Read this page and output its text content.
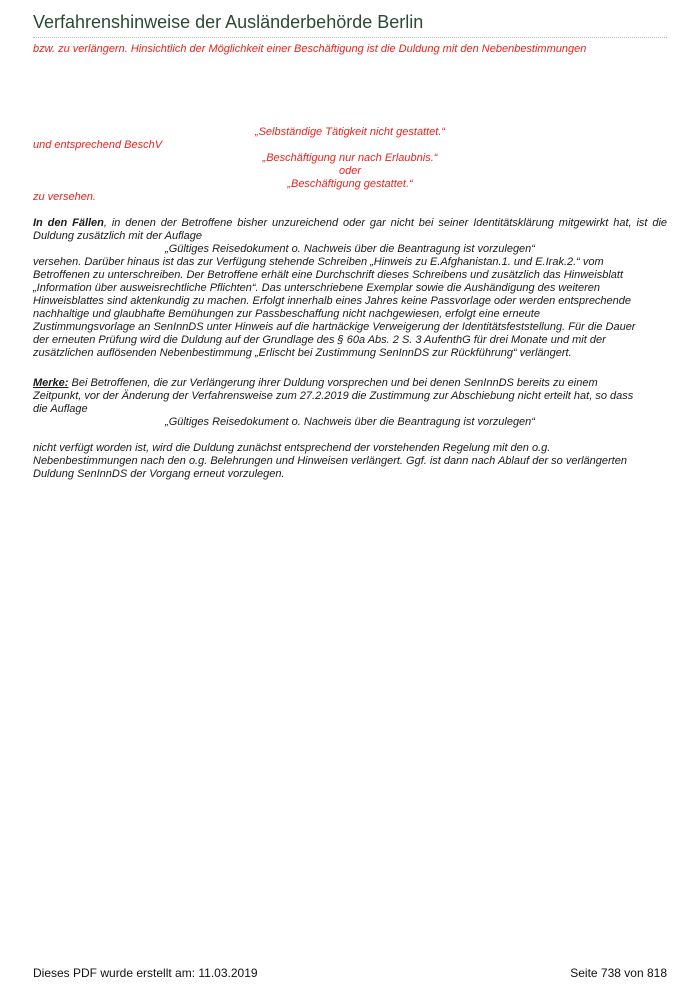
Verfahrenshinweise der Ausländerbehörde Berlin
bzw. zu verlängern. Hinsichtlich der Möglichkeit einer Beschäftigung ist die Duldung mit den Nebenbestimmungen
„Selbständige Tätigkeit nicht gestattet.“
und entsprechend BeschV
„Beschäftigung nur nach Erlaubnis.“
oder
„Beschäftigung gestattet.“
zu versehen.
In den Fällen, in denen der Betroffene bisher unzureichend oder gar nicht bei seiner Identitätsklärung mitgewirkt hat, ist die Duldung zusätzlich mit der Auflage
„Gültiges Reisedokument o. Nachweis über die Beantragung ist vorzulegen“
versehen. Darüber hinaus ist das zur Verfügung stehende Schreiben „Hinweis zu E.Afghanistan.1. und E.Irak.2.“ vom
Betroffenen zu unterschreiben. Der Betroffene erhält eine Durchschrift dieses Schreibens und zusätzlich das Hinweisblatt
„Information über ausweisrechtliche Pflichten“. Das unterschriebene Exemplar sowie die Aushändigung des weiteren
Hinweisblattes sind aktenkundig zu machen. Erfolgt innerhalb eines Jahres keine Passvorlage oder werden entsprechende
nachhaltige und glaubhafte Bemühungen zur Passbeschaffung nicht nachgewiesen, erfolgt eine erneute
Zustimmungsvorlage an SenInnDS unter Hinweis auf die hartnäckige Verweigerung der Identitätsfeststellung. Für die Dauer
der erneuten Prüfung wird die Duldung auf der Grundlage des § 60a Abs. 2 S. 3 AufenthG für drei Monate und mit der
zusätzlichen auflösenden Nebenbestimmung „Erlischt bei Zustimmung SenInnDS zur Rückführung“ verlängert.
Merke: Bei Betroffenen, die zur Verlängerung ihrer Duldung vorsprechen und bei denen SenInnDS bereits zu einem
Zeitpunkt, vor der Änderung der Verfahrensweise zum 27.2.2019 die Zustimmung zur Abschiebung nicht erteilt hat, so dass
die Auflage
„Gültiges Reisedokument o. Nachweis über die Beantragung ist vorzulegen“
nicht verfügt worden ist, wird die Duldung zunächst entsprechend der vorstehenden Regelung mit den o.g.
Nebenbestimmungen nach den o.g. Belehrungen und Hinweisen verlängert. Ggf. ist dann nach Ablauf der so verlängerten
Duldung SenInnDS der Vorgang erneut vorzulegen.
Dieses PDF wurde erstellt am: 11.03.2019	Seite 738 von 818
